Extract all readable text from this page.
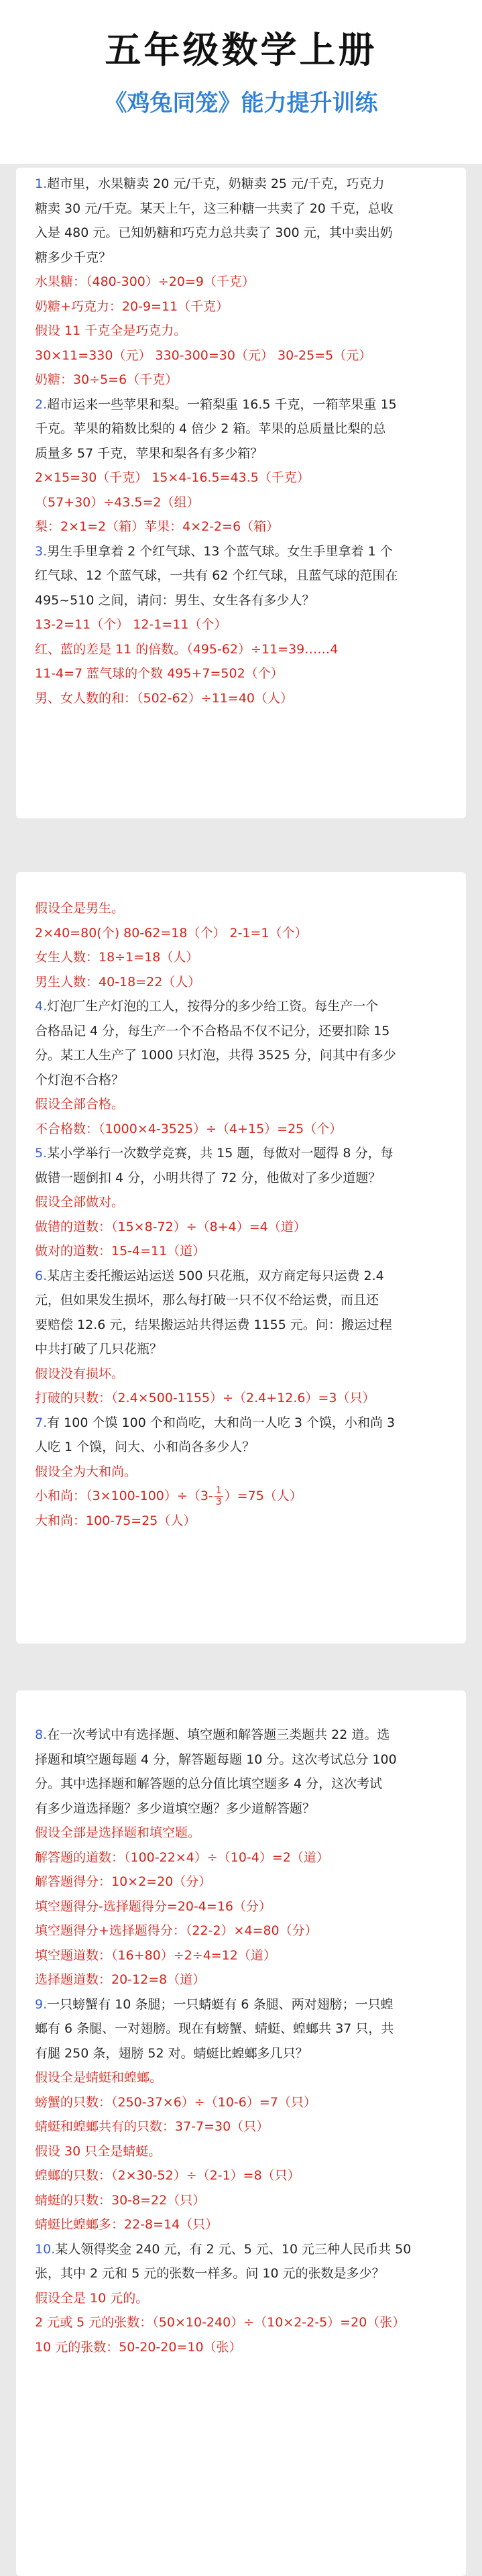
五年级数学上册
《鸡兔同笼》能力提升训练
1.超市里，水果糖卖 20 元/千克，奶糖卖 25 元/千克，巧克力
糖卖 30 元/千克。某天上午，这三种糖一共卖了 20 千克，总收
入是 480 元。已知奶糖和巧克力总共卖了 300 元，其中卖出奶
糖多少千克？
水果糖：（480-300）÷20=9（千克）
奶糖+巧克力：20-9=11（千克）
假设 11 千克全是巧克力。
30×11=330（元） 330-300=30（元） 30-25=5（元）
奶糖：30÷5=6（千克）
2.超市运来一些苹果和梨。一箱梨重 16.5 千克，一箱苹果重 15
千克。苹果的箱数比梨的 4 倍少 2 箱。苹果的总质量比梨的总
质量多 57 千克，苹果和梨各有多少箱？
2×15=30（千克） 15×4-16.5=43.5（千克）
（57+30）÷43.5=2（组）
梨：2×1=2（箱）苹果：4×2-2=6（箱）
3.男生手里拿着 2 个红气球、13 个蓝气球。女生手里拿着 1 个
红气球、12 个蓝气球，一共有 62 个红气球，且蓝气球的范围在
495~510 之间，请问：男生、女生各有多少人？
13-2=11（个） 12-1=11（个）
红、蓝的差是 11 的倍数。（495-62）÷11=39……4
11-4=7 蓝气球的个数 495+7=502（个）
男、女人数的和：（502-62）÷11=40（人）
假设全是男生。
2×40=80(个) 80-62=18（个） 2-1=1（个）
女生人数：18÷1=18（人）
男生人数：40-18=22（人）
4.灯泡厂生产灯泡的工人，按得分的多少给工资。每生产一个
合格品记 4 分，每生产一个不合格品不仅不记分，还要扣除 15
分。某工人生产了 1000 只灯泡，共得 3525 分，问其中有多少
个灯泡不合格？
假设全部合格。
不合格数：（1000×4-3525）÷（4+15）=25（个）
5.某小学举行一次数学竞赛，共 15 题，每做对一题得 8 分，每
做错一题倒扣 4 分，小明共得了 72 分，他做对了多少道题？
假设全部做对。
做错的道数：（15×8-72）÷（8+4）=4（道）
做对的道数：15-4=11（道）
6.某店主委托搬运站运送 500 只花瓶，双方商定每只运费 2.4
元，但如果发生损坏，那么每打破一只不仅不给运费，而且还
要赔偿 12.6 元，结果搬运站共得运费 1155 元。问：搬运过程
中共打破了几只花瓶？
假设没有损坏。
打破的只数：（2.4×500-1155）÷（2.4+12.6）=3（只）
7.有 100 个馍 100 个和尚吃，大和尚一人吃 3 个馍，小和尚 3
人吃 1 个馍，问大、小和尚各多少人？
假设全为大和尚。
小和尚：$(3\times 100-100)\div(3- \frac{1}{3} )=75$（人）
大和尚：100-75=25（人）
8.在一次考试中有选择题、填空题和解答题三类题共 22 道。选
择题和填空题每题 4 分，解答题每题 10 分。这次考试总分 100
分。其中选择题和解答题的总分值比填空题多 4 分，这次考试
有多少道选择题？多少道填空题？多少道解答题？
假设全部是选择题和填空题。
解答题的道数：（100-22×4）÷（10-4）=2（道）
解答题得分：10×2=20（分）
填空题得分-选择题得分=20-4=16（分）
填空题得分+选择题得分：（22-2）×4=80（分）
填空题道数：（16+80）÷2÷4=12（道）
选择题道数：20-12=8（道）
9.一只螃蟹有 10 条腿；一只蜻蜓有 6 条腿、两对翅膀；一只蝗
螂有 6 条腿、一对翅膀。现在有螃蟹、蜻蜓、蝗螂共 37 只，共
有腿 250 条，翅膀 52 对。蜻蜓比蝗螂多几只？
假设全是蜻蜓和蝗螂。
螃蟹的只数：（250-37×6）÷（10-6）=7（只）
蜻蜓和蝗螂共有的只数：37-7=30（只）
假设 30 只全是蜻蜓。
蝗螂的只数：（2×30-52）÷（2-1）=8（只）
蜻蜓的只数：30-8=22（只）
蜻蜓比蝗螂多：22-8=14（只）
10.某人领得奖金 240 元，有 2 元、5 元、10 元三种人民币共 50
张，其中 2 元和 5 元的张数一样多。问 10 元的张数是多少？
假设全是 10 元的。
2 元或 5 元的张数：（50×10-240）÷（10×2-2-5）=20（张）
10 元的张数：50-20-20=10（张）
